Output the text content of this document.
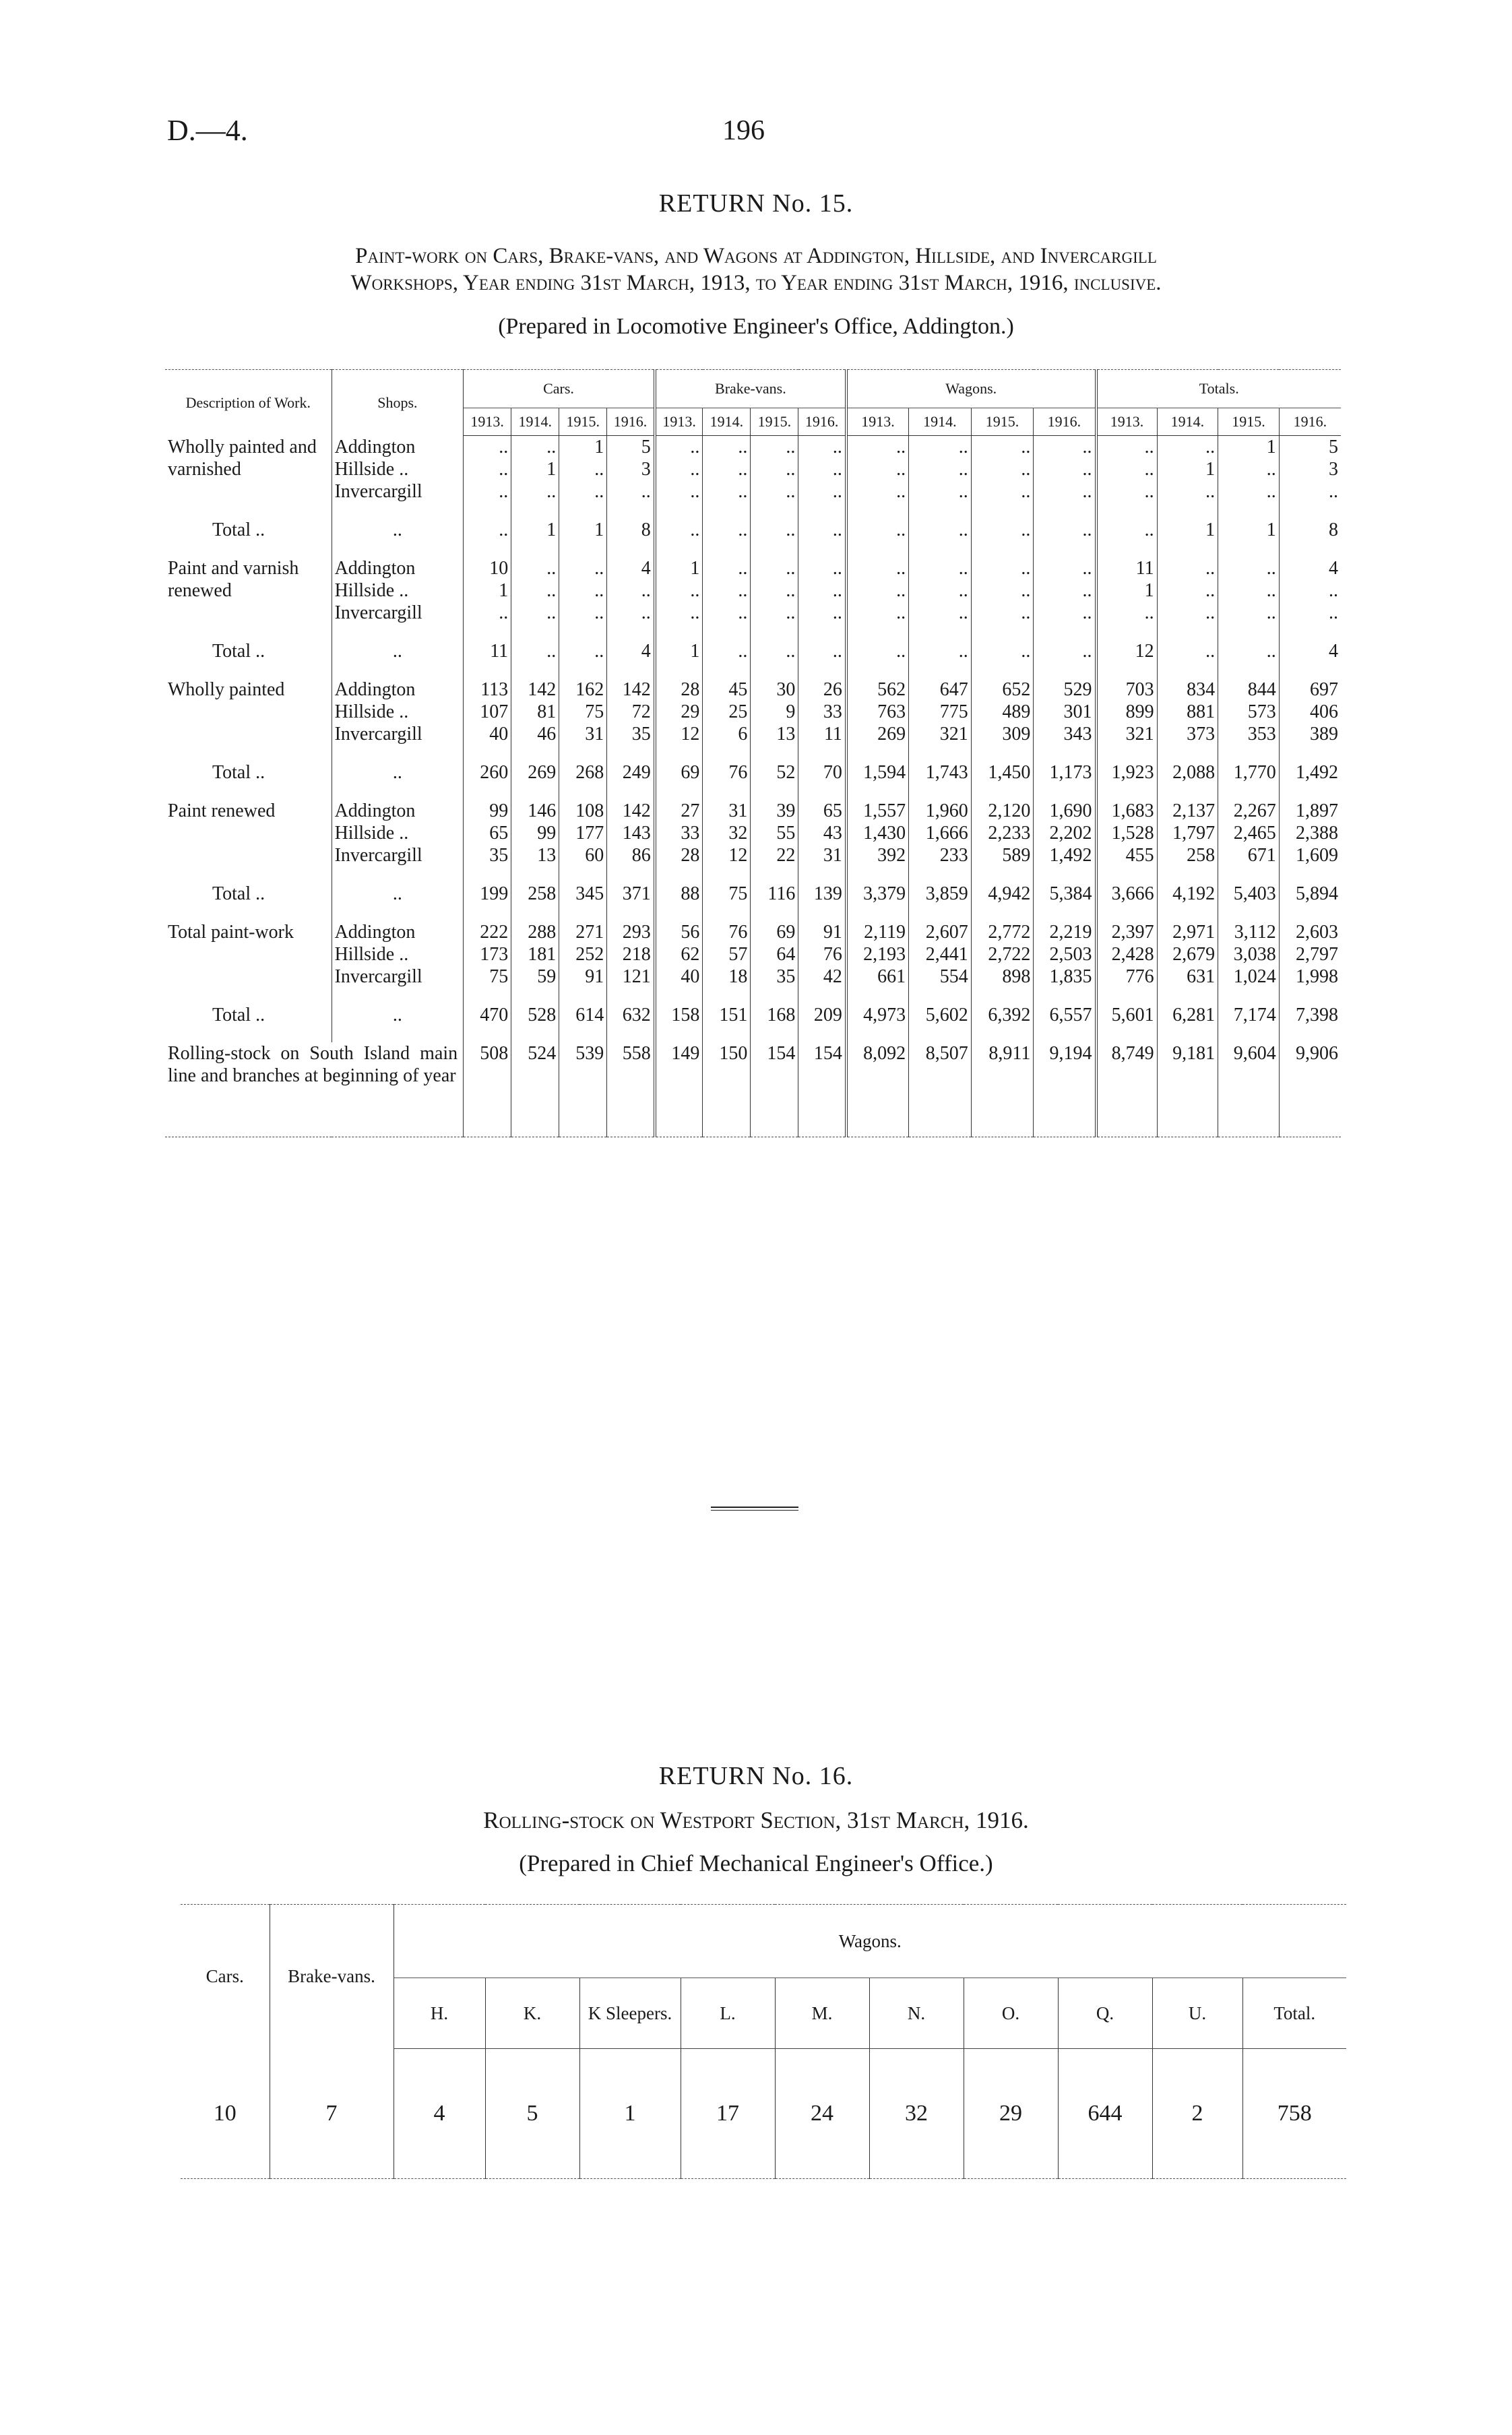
D.—4.	196
RETURN No. 15.
Paint-work on Cars, Brake-vans, and Wagons at Addington, Hillside, and Invercargill
Workshops, Year ending 31st March, 1913, to Year ending 31st March, 1916, inclusive.
(Prepared in Locomotive Engineer's Office, Addington.)
Description of Work.	Shops.	Cars.				Brake-vans.				Wagons.				Totals.			
		1913.	1914.	1915.	1916.	1913.	1914.	1915.	1916.	1913.	1914.	1915.	1916.	1913.	1914.	1915.	1916.
Wholly painted and varnished	Addington	..	..	1	5	..	..	..	..	..	..	..	..	..	..	1	5
	Hillside ..	..	1	..	3	..	..	..	..	..	..	..	..	..	1	..	3
	Invercargill	..	..	..	..	..	..	..	..	..	..	..	..	..	..	..	..

Total ..	..	..	1	1	8	..	..	..	..	..	..	..	..	..	1	1	8

Paint and varnish renewed	Addington	10	..	..	4	1	..	..	..	..	..	..	..	11	..	..	4
	Hillside ..	1	..	..	..	..	..	..	..	..	..	..	..	1	..	..	..
	Invercargill	..	..	..	..	..	..	..	..	..	..	..	..	..	..	..	..

Total ..	..	11	..	..	4	1	..	..	..	..	..	..	..	12	..	..	4

Wholly painted	Addington	113	142	162	142	28	45	30	26	562	647	652	529	703	834	844	697
	Hillside ..	107	81	75	72	29	25	9	33	763	775	489	301	899	881	573	406
	Invercargill	40	46	31	35	12	6	13	11	269	321	309	343	321	373	353	389

Total ..	..	260	269	268	249	69	76	52	70	1,594	1,743	1,450	1,173	1,923	2,088	1,770	1,492

Paint renewed	Addington	99	146	108	142	27	31	39	65	1,557	1,960	2,120	1,690	1,683	2,137	2,267	1,897
	Hillside ..	65	99	177	143	33	32	55	43	1,430	1,666	2,233	2,202	1,528	1,797	2,465	2,388
	Invercargill	35	13	60	86	28	12	22	31	392	233	589	1,492	455	258	671	1,609

Total ..	..	199	258	345	371	88	75	116	139	3,379	3,859	4,942	5,384	3,666	4,192	5,403	5,894

Total paint-work	Addington	222	288	271	293	56	76	69	91	2,119	2,607	2,772	2,219	2,397	2,971	3,112	2,603
	Hillside ..	173	181	252	218	62	57	64	76	2,193	2,441	2,722	2,503	2,428	2,679	3,038	2,797
	Invercargill	75	59	91	121	40	18	35	42	661	554	898	1,835	776	631	1,024	1,998

Total ..	..	470	528	614	632	158	151	168	209	4,973	5,602	6,392	6,557	5,601	6,281	7,174	7,398

Rolling-stock on South Island main line and branches at beginning of year		508	524	539	558	149	150	154	154	8,092	8,507	8,911	9,194	8,749	9,181	9,604	9,906
RETURN No. 16.
Rolling-stock on Westport Section, 31st March, 1916.
(Prepared in Chief Mechanical Engineer's Office.)
Cars.	Brake-vans.	Wagons.									
		H.	K.	K Sleepers.	L.	M.	N.	O.	Q.	U.	Total.
10	7	4	5	1	17	24	32	29	644	2	758
